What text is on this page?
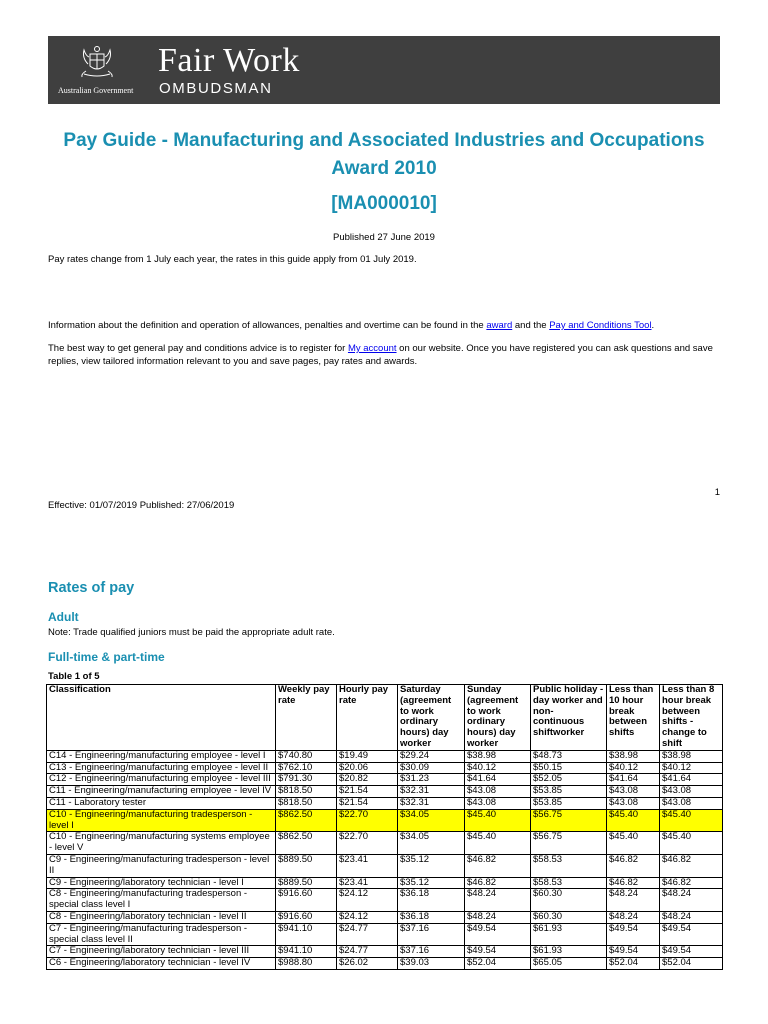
Australian Government
Fair Work
OMBUDSMAN
Pay Guide - Manufacturing and Associated Industries and Occupations Award 2010
[MA000010]
Published 27 June 2019
Pay rates change from 1 July each year, the rates in this guide apply from 01 July 2019.
Information about the definition and operation of allowances, penalties and overtime can be found in the award and the Pay and Conditions Tool.
The best way to get general pay and conditions advice is to register for My account on our website. Once you have registered you can ask questions and save replies, view tailored information relevant to you and save pages, pay rates and awards.
1
Effective: 01/07/2019 Published: 27/06/2019
Rates of pay
Adult
Note: Trade qualified juniors must be paid the appropriate adult rate.
Full-time & part-time
Table 1 of 5
Classification	Weekly pay rate	Hourly pay rate	Saturday (agreement to work ordinary hours) day worker	Sunday (agreement to work ordinary hours) day worker	Public holiday - day worker and non-continuous shiftworker	Less than 10 hour break between shifts	Less than 8 hour break between shifts - change to shift
C14 - Engineering/manufacturing employee - level I	$740.80	$19.49	$29.24	$38.98	$48.73	$38.98	$38.98
C13 - Engineering/manufacturing employee - level II	$762.10	$20.06	$30.09	$40.12	$50.15	$40.12	$40.12
C12 - Engineering/manufacturing employee - level III	$791.30	$20.82	$31.23	$41.64	$52.05	$41.64	$41.64
C11 - Engineering/manufacturing employee - level IV	$818.50	$21.54	$32.31	$43.08	$53.85	$43.08	$43.08
C11 - Laboratory tester	$818.50	$21.54	$32.31	$43.08	$53.85	$43.08	$43.08
C10 - Engineering/manufacturing tradesperson - level I	$862.50	$22.70	$34.05	$45.40	$56.75	$45.40	$45.40
C10 - Engineering/manufacturing systems employee - level V	$862.50	$22.70	$34.05	$45.40	$56.75	$45.40	$45.40
C9 - Engineering/manufacturing tradesperson - level II	$889.50	$23.41	$35.12	$46.82	$58.53	$46.82	$46.82
C9 - Engineering/laboratory technician - level I	$889.50	$23.41	$35.12	$46.82	$58.53	$46.82	$46.82
C8 - Engineering/manufacturing tradesperson - special class level I	$916.60	$24.12	$36.18	$48.24	$60.30	$48.24	$48.24
C8 - Engineering/laboratory technician - level II	$916.60	$24.12	$36.18	$48.24	$60.30	$48.24	$48.24
C7 - Engineering/manufacturing tradesperson - special class level II	$941.10	$24.77	$37.16	$49.54	$61.93	$49.54	$49.54
C7 - Engineering/laboratory technician - level III	$941.10	$24.77	$37.16	$49.54	$61.93	$49.54	$49.54
C6 - Engineering/laboratory technician - level IV	$988.80	$26.02	$39.03	$52.04	$65.05	$52.04	$52.04
